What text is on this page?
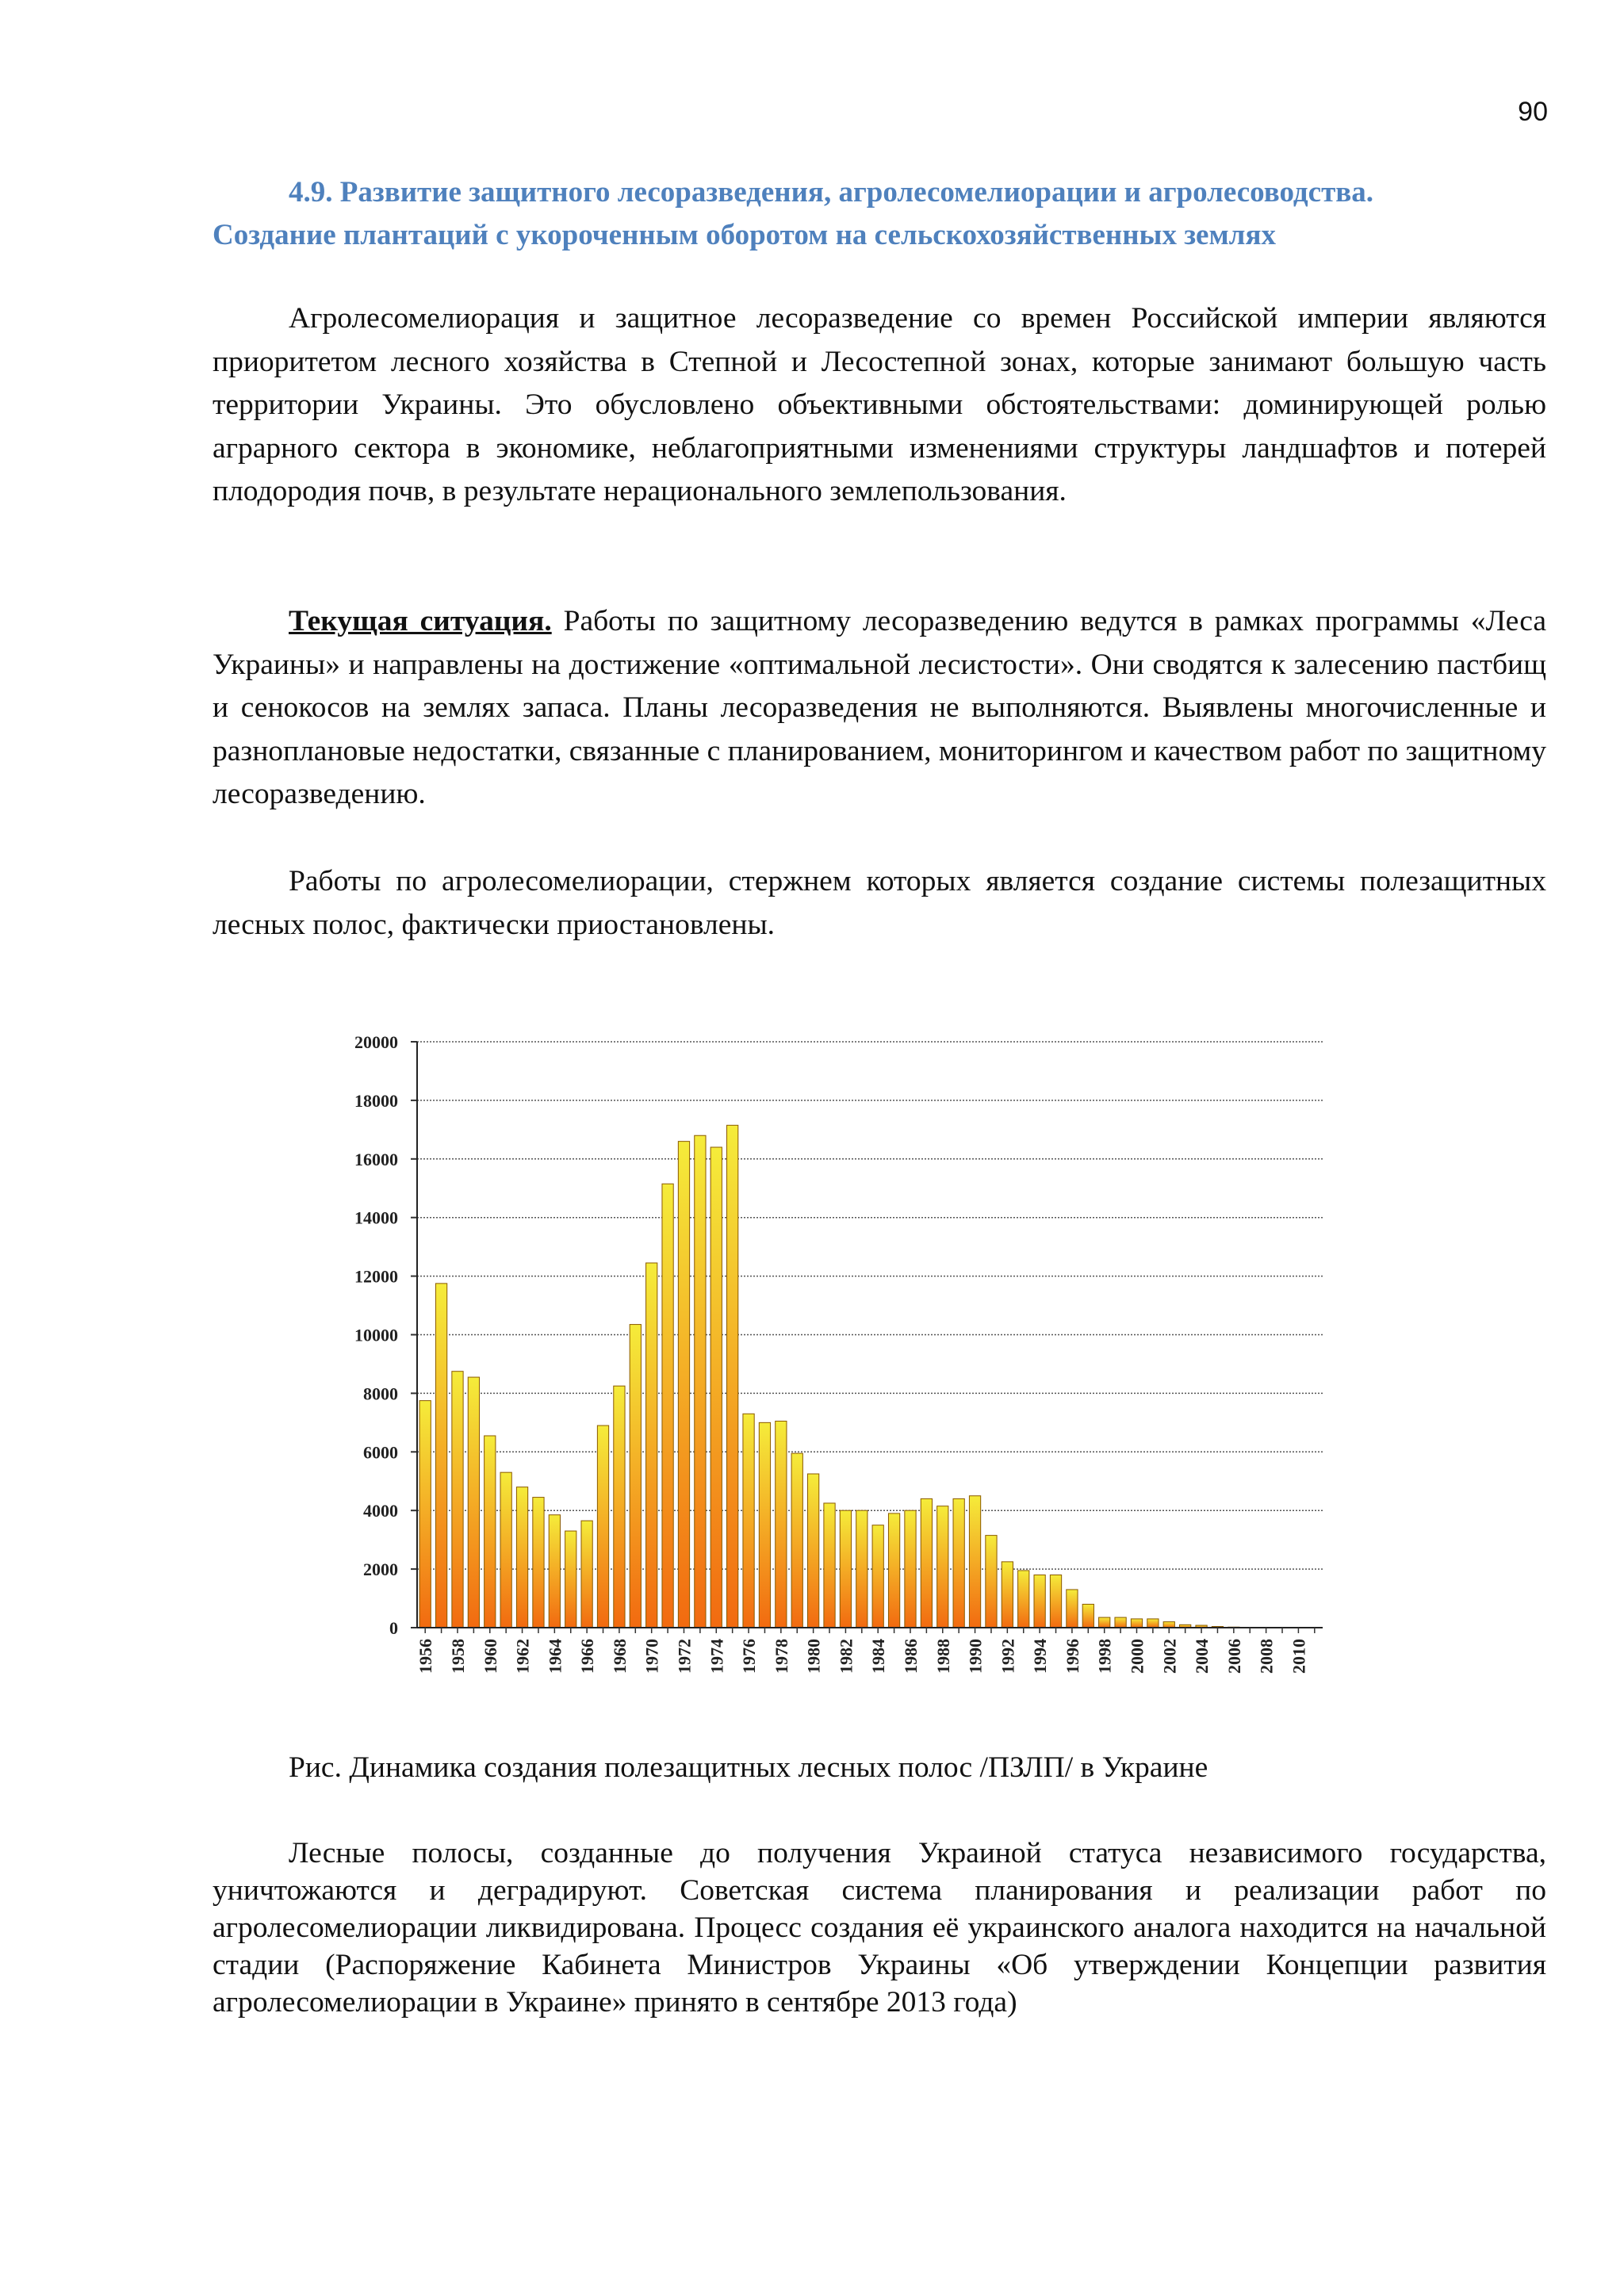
90
4.9. Развитие защитного лесоразведения, агролесомелиорации и агролесоводства.
Создание плантаций с укороченным оборотом на сельскохозяйственных землях

Агролесомелиорация и защитное лесоразведение со времен Российской империи являются приоритетом лесного хозяйства в Степной и Лесостепной зонах, которые занимают большую часть территории Украины. Это обусловлено объективными обстоятельствами: доминирующей ролью аграрного сектора в экономике, неблагоприятными изменениями структуры ландшафтов и потерей плодородия почв, в результате нерационального землепользования.

Текущая ситуация. Работы по защитному лесоразведению ведутся в рамках программы «Леса Украины» и направлены на достижение «оптимальной лесистости». Они сводятся к залесению пастбищ и сенокосов на землях запаса. Планы лесоразведения не выполняются. Выявлены многочисленные и разноплановые недостатки, связанные с планированием, мониторингом и качеством работ по защитному лесоразведению.

Работы по агролесомелиорации, стержнем которых является создание системы полезащитных лесных полос, фактически приостановлены.

0
2000
4000
6000
8000
10000
12000
14000
16000
18000
20000
1956 1958 1960 1962 1964 1966 1968 1970 1972 1974 1976 1978 1980 1982 1984 1986 1988 1990 1992 1994 1996 1998 2000 2002 2004 2006 2008 2010

Рис. Динамика создания полезащитных лесных полос /ПЗЛП/ в Украине

Лесные полосы, созданные до получения Украиной статуса независимого государства, уничтожаются и деградируют. Советская система планирования и реализации работ по агролесомелиорации ликвидирована. Процесс создания её украинского аналога находится на начальной стадии (Распоряжение Кабинета Министров Украины «Об утверждении Концепции развития агролесомелиорации в Украине» принято в сентябре 2013 года)
